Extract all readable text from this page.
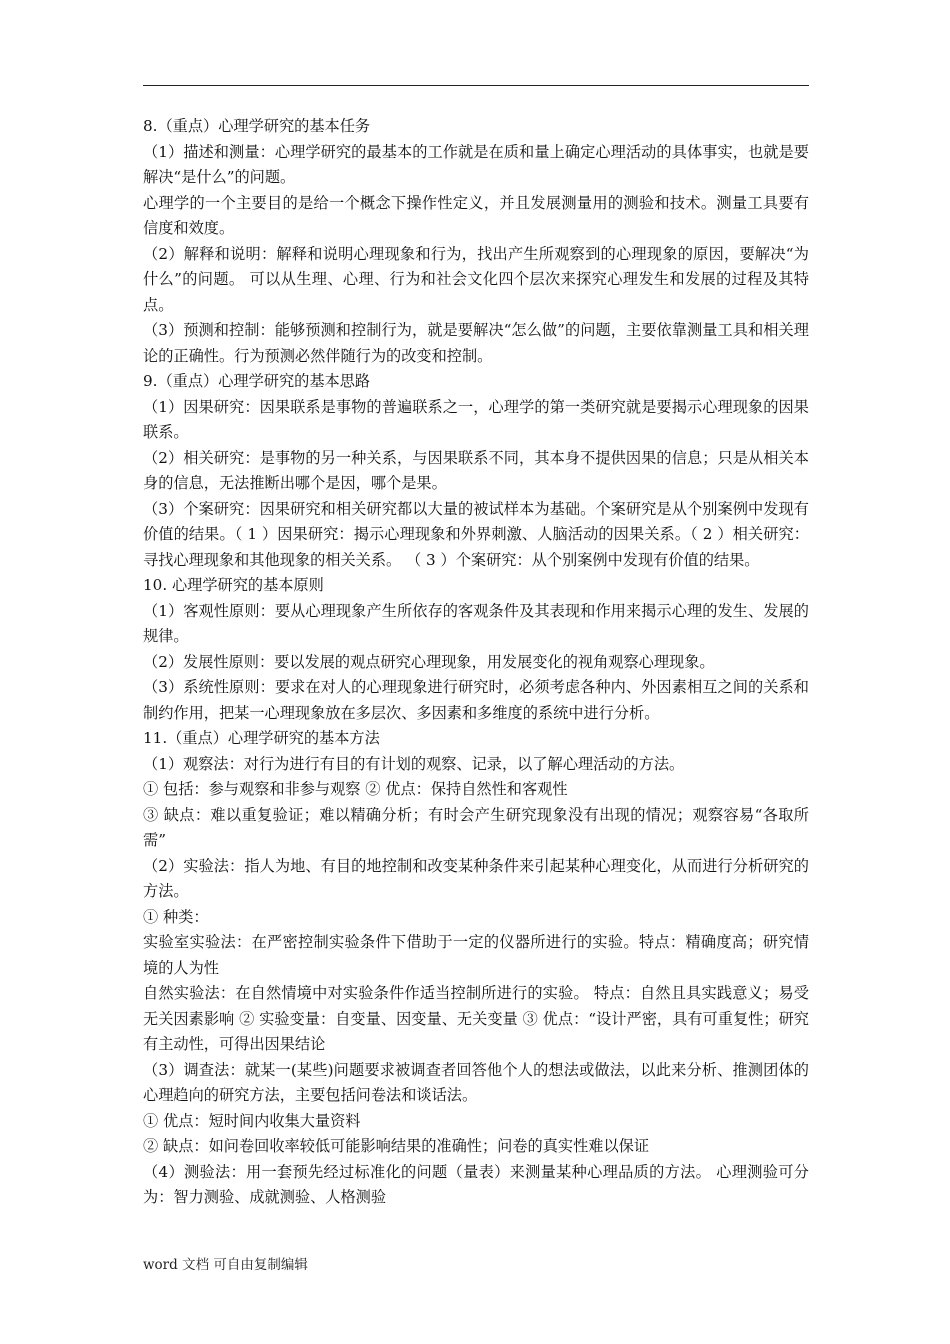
8.（重点）心理学研究的基本任务

（1）描述和测量：心理学研究的最基本的工作就是在质和量上确定心理活动的具体事实，也就是要解决“是什么”的问题。

心理学的一个主要目的是给一个概念下操作性定义，并且发展测量用的测验和技术。测量工具要有信度和效度。

（2）解释和说明：解释和说明心理现象和行为，找出产生所观察到的心理现象的原因，要解决“为什么”的问题。 可以从生理、心理、行为和社会文化四个层次来探究心理发生和发展的过程及其特点。

（3）预测和控制：能够预测和控制行为，就是要解决“怎么做”的问题，主要依靠测量工具和相关理论的正确性。行为预测必然伴随行为的改变和控制。

9.（重点）心理学研究的基本思路

（1）因果研究：因果联系是事物的普遍联系之一，心理学的第一类研究就是要揭示心理现象的因果联系。

（2）相关研究：是事物的另一种关系，与因果联系不同，其本身不提供因果的信息；只是从相关本身的信息，无法推断出哪个是因，哪个是果。

（3）个案研究：因果研究和相关研究都以大量的被试样本为基础。个案研究是从个别案例中发现有价值的结果。（ 1 ）因果研究：揭示心理现象和外界刺激、人脑活动的因果关系。（ 2 ）相关研究：寻找心理现象和其他现象的相关关系。 （ 3 ）个案研究：从个别案例中发现有价值的结果。

10. 心理学研究的基本原则

（1）客观性原则：要从心理现象产生所依存的客观条件及其表现和作用来揭示心理的发生、发展的规律。

（2）发展性原则：要以发展的观点研究心理现象，用发展变化的视角观察心理现象。

（3）系统性原则：要求在对人的心理现象进行研究时，必须考虑各种内、外因素相互之间的关系和制约作用，把某一心理现象放在多层次、多因素和多维度的系统中进行分析。

11.（重点）心理学研究的基本方法

（1）观察法：对行为进行有目的有计划的观察、记录，以了解心理活动的方法。

① 包括：参与观察和非参与观察 ② 优点：保持自然性和客观性

③ 缺点：难以重复验证；难以精确分析；有时会产生研究现象没有出现的情况；观察容易“各取所需”

（2）实验法：指人为地、有目的地控制和改变某种条件来引起某种心理变化，从而进行分析研究的方法。

① 种类：

实验室实验法：在严密控制实验条件下借助于一定的仪器所进行的实验。特点：精确度高；研究情境的人为性

自然实验法：在自然情境中对实验条件作适当控制所进行的实验。 特点：自然且具实践意义；易受无关因素影响 ② 实验变量：自变量、因变量、无关变量 ③ 优点：“设计严密，具有可重复性；研究有主动性，可得出因果结论

（3）调查法：就某一(某些)问题要求被调查者回答他个人的想法或做法，以此来分析、推测团体的心理趋向的研究方法，主要包括问卷法和谈话法。

① 优点：短时间内收集大量资料

② 缺点：如问卷回收率较低可能影响结果的准确性；问卷的真实性难以保证

（4）测验法：用一套预先经过标准化的问题（量表）来测量某种心理品质的方法。 心理测验可分为：智力测验、成就测验、人格测验

word 文档 可自由复制编辑
